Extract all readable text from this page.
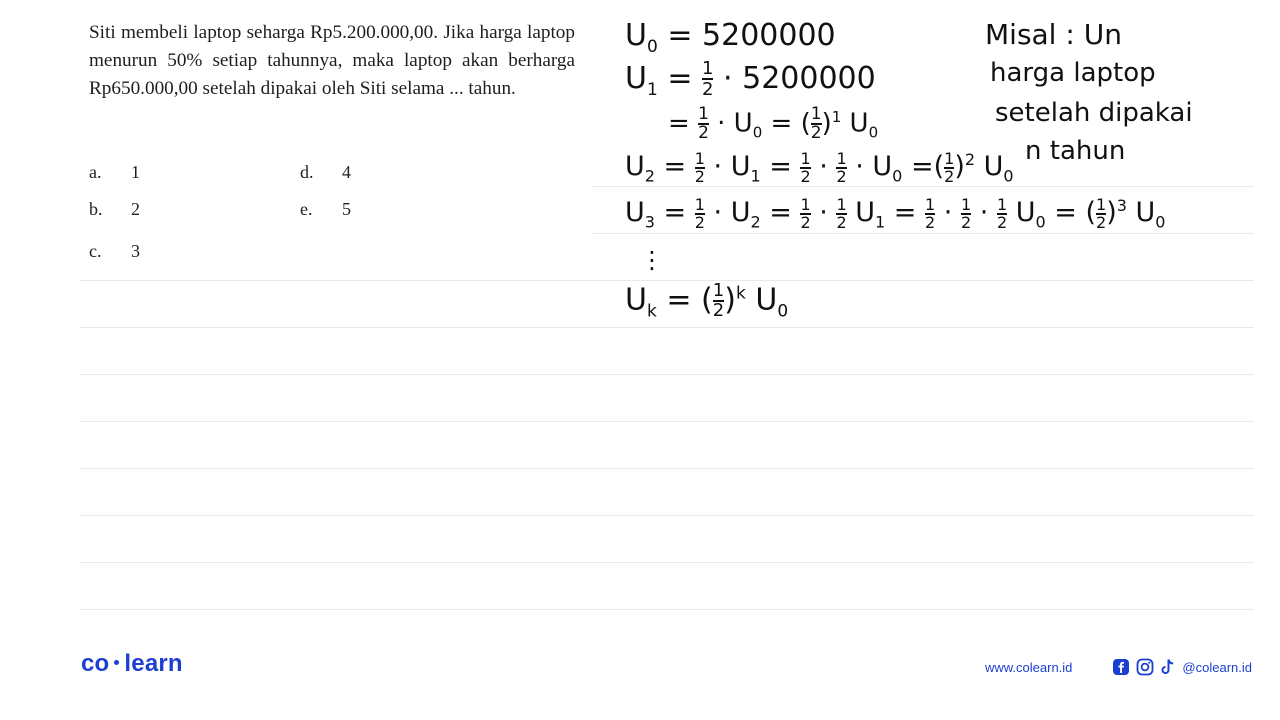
Siti membeli laptop seharga Rp5.200.000,00. Jika harga laptop menurun 50% setiap tahunnya, maka laptop akan berharga Rp650.000,00 setelah dipakai oleh Siti selama ... tahun.
a. 1
b. 2
c. 3
d. 4
e. 5
$U_0 = 5200000$	Misal : Un
harga laptop
setelah dipakai
n tahun
$U_1 = \frac{1}{2} \cdot 5200000$
= $\frac{1}{2} \cdot U_0 = (\frac{1}{2})^1$ $U_0$
$U_2 = \frac{1}{2} \cdot U_1 = \frac{1}{2} \cdot \frac{1}{2} \cdot U_0 =(\frac{1}{2})^2$ $U_0$
$U_3 = \frac{1}{2} \cdot U_2 = \frac{1}{2} \cdot \frac{1}{2} U_1 = \frac{1}{2} \cdot \frac{1}{2} \cdot \frac{1}{2} U_0 = (\frac{1}{2})^3$ $U_0$
⋮
$U_k = (\frac{1}{2})^k$ $U_0$
co learn	www.colearn.id	@colearn.id
